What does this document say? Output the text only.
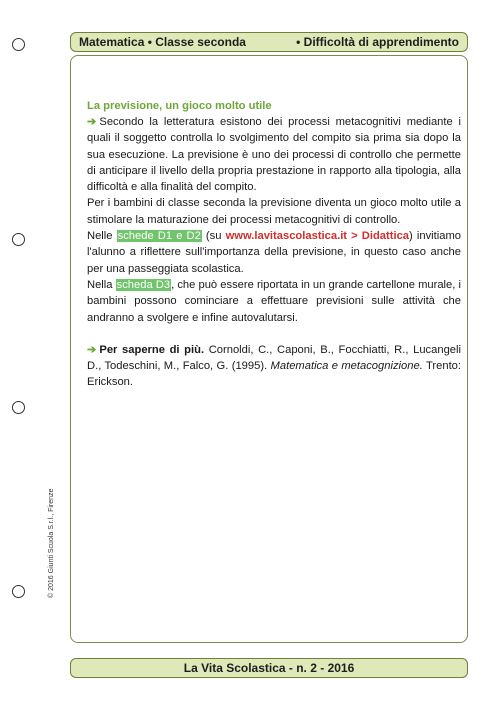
Matematica • Classe seconda	• Difficoltà di apprendimento
© 2016 Giunti Scuola S.r.l., Firenze
La previsione, un gioco molto utile

➔ Secondo la letteratura esistono dei processi metacognitivi mediante i quali il soggetto controlla lo svolgimento del compito sia prima sia dopo la sua esecuzione. La previsione è uno dei processi di controllo che permette di anticipare il livello della propria prestazione in rapporto alla tipologia, alla difficoltà e alla finalità del compito.

Per i bambini di classe seconda la previsione diventa un gioco molto utile a stimolare la maturazione dei processi metacognitivi di controllo.

Nelle schede D1 e D2 (su www.lavitascolastica.it > Didattica) invitiamo l'alunno a riflettere sull'importanza della previsione, in questo caso anche per una passeggiata scolastica.

Nella scheda D3, che può essere riportata in un grande cartellone murale, i bambini possono cominciare a effettuare previsioni sulle attività che andranno a svolgere e infine autovalutarsi.

➔ Per saperne di più. Cornoldi, C., Caponi, B., Focchiatti, R., Lucangeli D., Todeschini, M., Falco, G. (1995). Matematica e metacognizione. Trento: Erickson.

La Vita Scolastica - n. 2 - 2016
